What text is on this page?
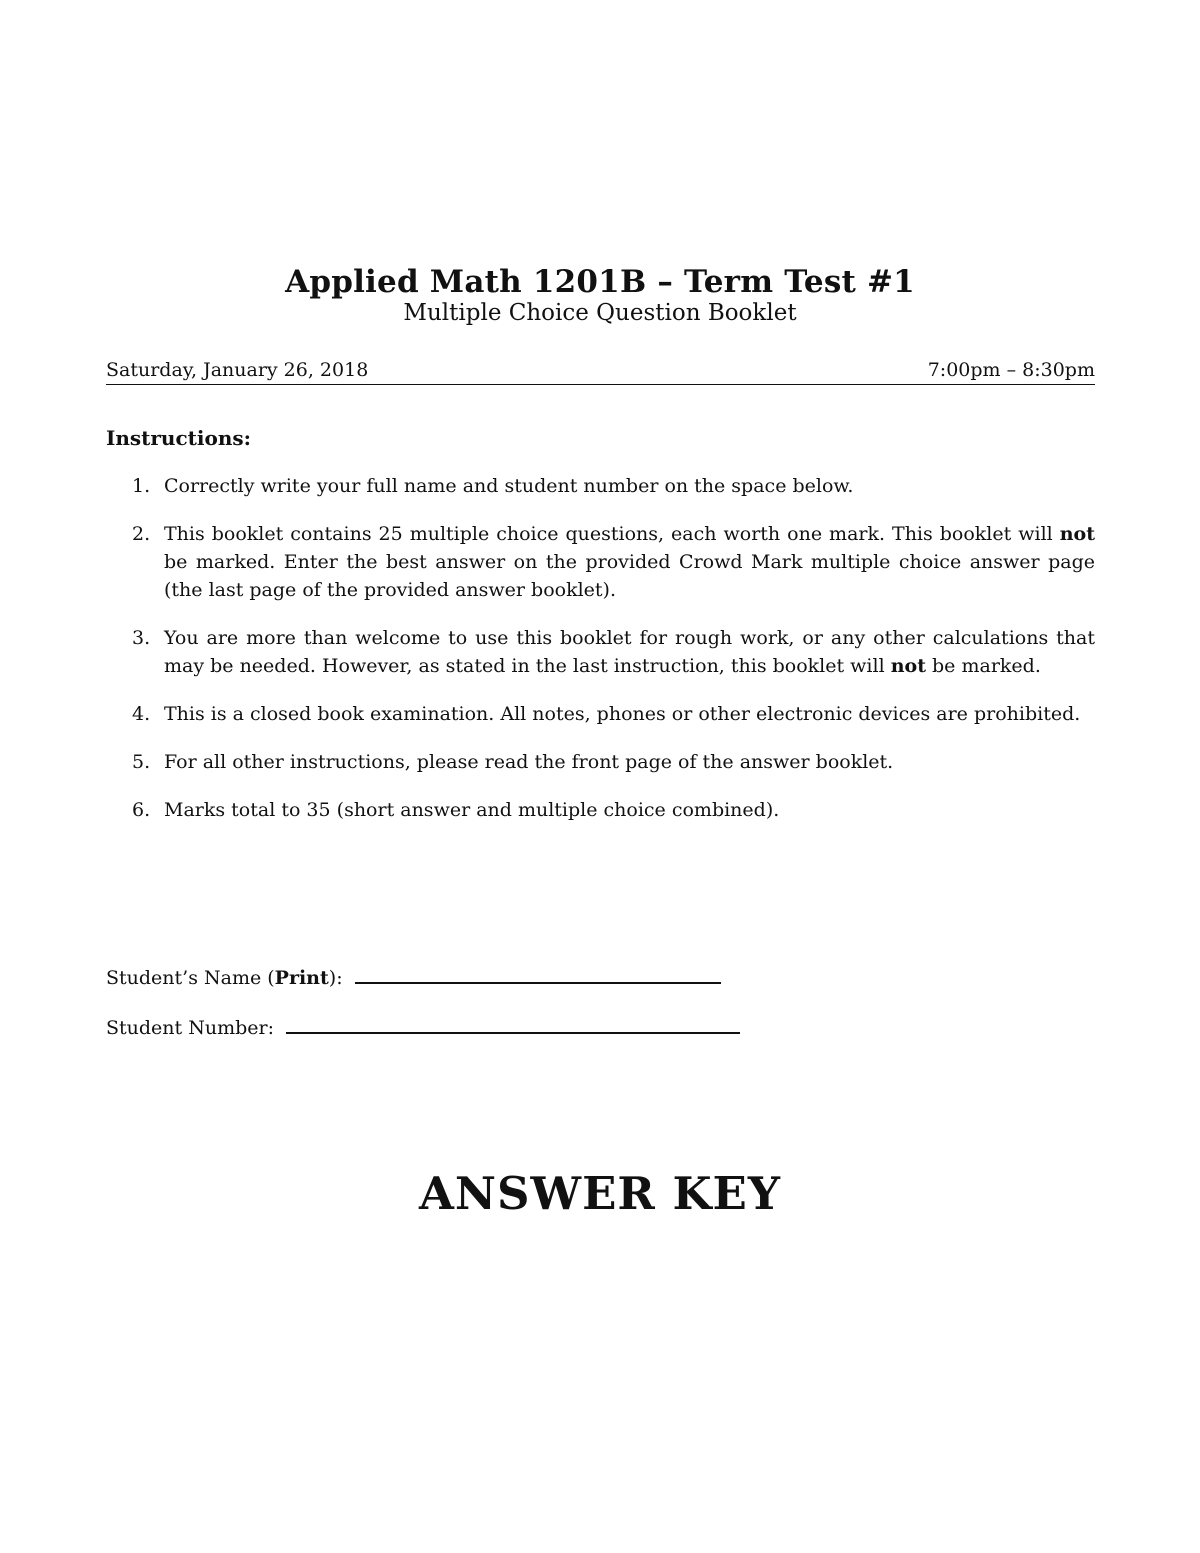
Applied Math 1201B – Term Test #1
Multiple Choice Question Booklet
Saturday, January 26, 2018	7:00pm – 8:30pm
Instructions:
1. Correctly write your full name and student number on the space below.
2. This booklet contains 25 multiple choice questions, each worth one mark. This booklet will not be marked. Enter the best answer on the provided Crowd Mark multiple choice answer page (the last page of the provided answer booklet).
3. You are more than welcome to use this booklet for rough work, or any other calculations that may be needed. However, as stated in the last instruction, this booklet will not be marked.
4. This is a closed book examination. All notes, phones or other electronic devices are prohibited.
5. For all other instructions, please read the front page of the answer booklet.
6. Marks total to 35 (short answer and multiple choice combined).
Student’s Name (Print):
Student Number:
ANSWER KEY
